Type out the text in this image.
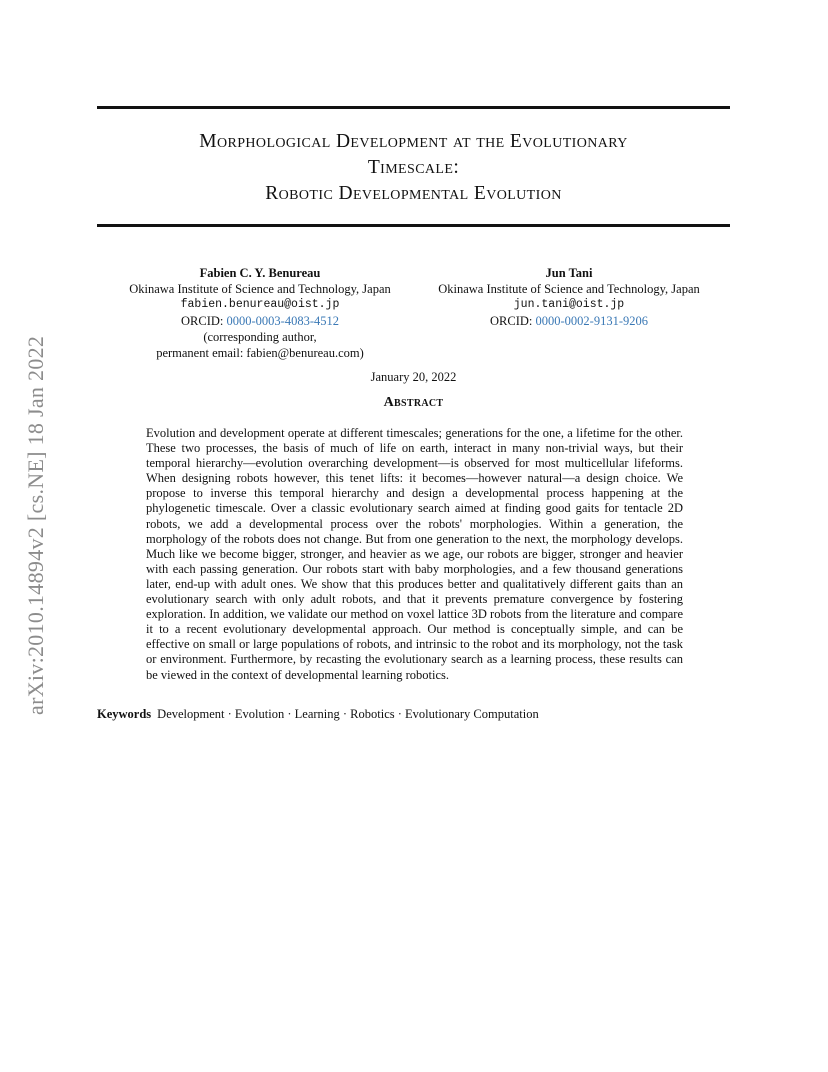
arXiv:2010.14894v2 [cs.NE] 18 Jan 2022
Morphological Development at the Evolutionary
Timescale:
Robotic Developmental Evolution
Fabien C. Y. Benureau
Okinawa Institute of Science and Technology, Japan
fabien.benureau@oist.jp
ORCID: 0000-0003-4083-4512
(corresponding author,
permanent email: fabien@benureau.com)
Jun Tani
Okinawa Institute of Science and Technology, Japan
jun.tani@oist.jp
ORCID: 0000-0002-9131-9206
January 20, 2022
Abstract
Evolution and development operate at different timescales; generations for the one, a lifetime for the other. These two processes, the basis of much of life on earth, interact in many non-trivial ways, but their temporal hierarchy—evolution overarching development—is observed for most multicellular lifeforms. When designing robots however, this tenet lifts: it becomes—however natural—a design choice. We propose to inverse this temporal hierarchy and design a developmental process happening at the phylogenetic timescale. Over a classic evolutionary search aimed at finding good gaits for tentacle 2D robots, we add a developmental process over the robots' morphologies. Within a generation, the morphology of the robots does not change. But from one generation to the next, the morphology develops. Much like we become bigger, stronger, and heavier as we age, our robots are bigger, stronger and heavier with each passing generation. Our robots start with baby morphologies, and a few thousand generations later, end-up with adult ones. We show that this produces better and qualitatively different gaits than an evolutionary search with only adult robots, and that it prevents premature convergence by fostering exploration. In addition, we validate our method on voxel lattice 3D robots from the literature and compare it to a recent evolutionary developmental approach. Our method is conceptually simple, and can be effective on small or large populations of robots, and intrinsic to the robot and its morphology, not the task or environment. Furthermore, by recasting the evolutionary search as a learning process, these results can be viewed in the context of developmental learning robotics.
Keywords Development · Evolution · Learning · Robotics · Evolutionary Computation
